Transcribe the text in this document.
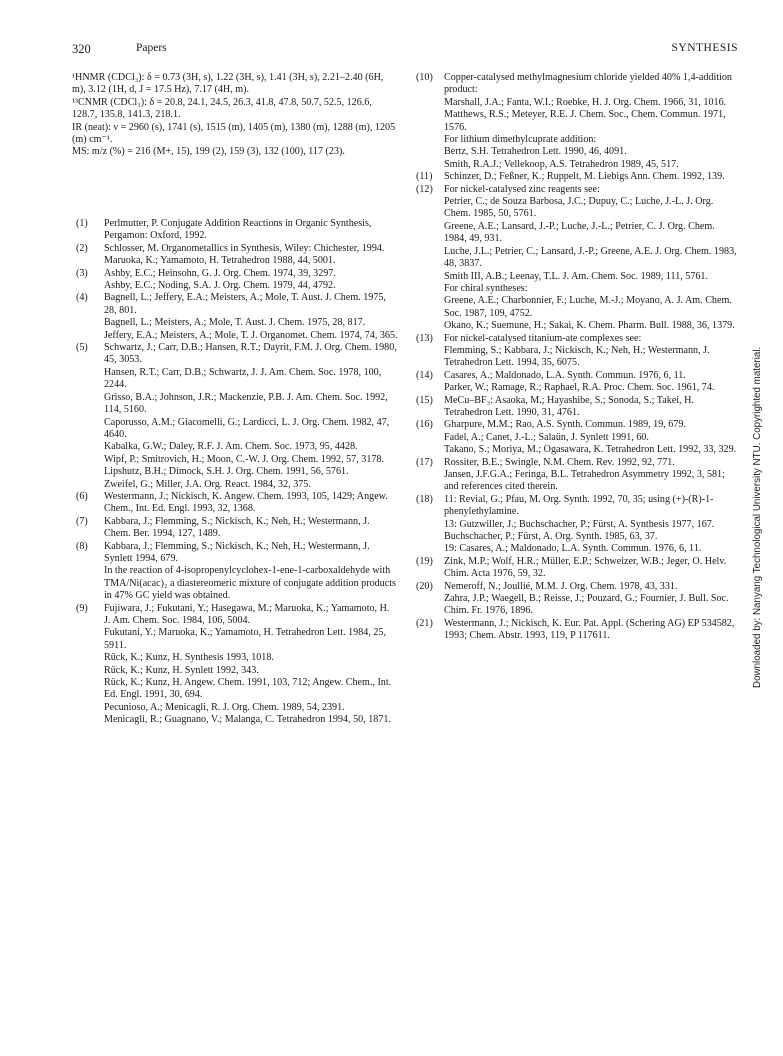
320	Papers	SYNTHESIS

¹HNMR (CDCl₃): δ = 0.73 (3H, s), 1.22 (3H, s), 1.41 (3H, s), 2.21–2.40 (6H, m), 3.12 (1H, d, J = 17.5 Hz), 7.17 (4H, m).

¹³CNMR (CDCl₃): δ = 20.8, 24.1, 24.5, 26.3, 41.8, 47.8, 50.7, 52.5, 126.6, 128.7, 135.8, 141.3, 218.1.

IR (neat): ν = 2960 (s), 1741 (s), 1515 (m), 1405 (m), 1380 (m), 1288 (m), 1205 (m) cm⁻¹.

MS: m/z (%) = 216 (M+, 15), 199 (2), 159 (3), 132 (100), 117 (23).

(1) Perlmutter, P. Conjugate Addition Reactions in Organic Synthesis, Pergamon: Oxford, 1992.
(2) Schlosser, M. Organometallics in Synthesis, Wiley: Chichester, 1994.
Maruoka, K.; Yamamoto, H. Tetrahedron 1988, 44, 5001.
(3) Ashby, E.C.; Heinsohn, G. J. Org. Chem. 1974, 39, 3297.
Ashby, E.C.; Noding, S.A. J. Org. Chem. 1979, 44, 4792.
(4) Bagnell, L.; Jeffery, E.A.; Meisters, A.; Mole, T. Aust. J. Chem. 1975, 28, 801.
Bagnell, L.; Meisters, A.; Mole, T. Aust. J. Chem. 1975, 28, 817.
Jeffery, E.A.; Meisters, A.; Mole, T. J. Organomet. Chem. 1974, 74, 365.
(5) Schwartz, J.; Carr, D.B.; Hansen, R.T.; Dayrit, F.M. J. Org. Chem. 1980, 45, 3053.
Hansen, R.T.; Carr, D.B.; Schwartz, J. J. Am. Chem. Soc. 1978, 100, 2244.
Grisso, B.A.; Johnson, J.R.; Mackenzie, P.B. J. Am. Chem. Soc. 1992, 114, 5160.
Caporusso, A.M.; Giacomelli, G.; Lardicci, L. J. Org. Chem. 1982, 47, 4640.
Kabalka, G.W.; Daley, R.F. J. Am. Chem. Soc. 1973, 95, 4428.
Wipf, P.; Smitrovich, H.; Moon, C.-W. J. Org. Chem. 1992, 57, 3178.
Lipshutz, B.H.; Dimock, S.H. J. Org. Chem. 1991, 56, 5761.
Zweifel, G.; Miller, J.A. Org. React. 1984, 32, 375.
(6) Westermann, J.; Nickisch, K. Angew. Chem. 1993, 105, 1429; Angew. Chem., Int. Ed. Engl. 1993, 32, 1368.
(7) Kabbara, J.; Flemming, S.; Nickisch, K.; Neh, H.; Westermann, J. Chem. Ber. 1994, 127, 1489.
(8) Kabbara, J.; Flemming, S.; Nickisch, K.; Neh, H.; Westermann, J. Synlett 1994, 679.
In the reaction of 4-isopropenylcyclohex-1-ene-1-carboxaldehyde with TMA/Ni(acac)₂ a diastereomeric mixture of conjugate addition products in 47% GC yield was obtained.
(9) Fujiwara, J.; Fukutani, Y.; Hasegawa, M.; Maruoka, K.; Yamamoto, H. J. Am. Chem. Soc. 1984, 106, 5004.
Fukutani, Y.; Maruoka, K.; Yamamoto, H. Tetrahedron Lett. 1984, 25, 5911.
Rück, K.; Kunz, H. Synthesis 1993, 1018.
Rück, K.; Kunz, H. Synlett 1992, 343.
Rück, K.; Kunz, H. Angew. Chem. 1991, 103, 712; Angew. Chem., Int. Ed. Engl. 1991, 30, 694.
Pecunioso, A.; Menicagli, R. J. Org. Chem. 1989, 54, 2391.
Menicagli, R.; Guagnano, V.; Malanga, C. Tetrahedron 1994, 50, 1871.
(10) Copper-catalysed methylmagnesium chloride yielded 40% 1,4-addition product:
Marshall, J.A.; Fanta, W.I.; Roebke, H. J. Org. Chem. 1966, 31, 1016.
Matthews, R.S.; Meteyer, R.E. J. Chem. Soc., Chem. Commun. 1971, 1576.
For lithium dimethylcuprate addition:
Bertz, S.H. Tetrahedron Lett. 1990, 46, 4091.
Smith, R.A.J.; Vellekoop, A.S. Tetrahedron 1989, 45, 517.
(11) Schinzer, D.; Feßner, K.; Ruppelt, M. Liebigs Ann. Chem. 1992, 139.
(12) For nickel-catalysed zinc reagents see:
Petrier, C.; de Souza Barbosa, J.C.; Dupuy, C.; Luche, J.-L. J. Org. Chem. 1985, 50, 5761.
Greene, A.E.; Lansard, J.-P.; Luche, J.-L.; Petrier, C. J. Org. Chem. 1984, 49, 931.
Luche, J.L.; Petrier, C.; Lansard, J.-P.; Greene, A.E. J. Org. Chem. 1983, 48, 3837.
Smith III, A.B.; Leenay, T.L. J. Am. Chem. Soc. 1989, 111, 5761.
For chiral syntheses:
Greene, A.E.; Charbonnier, F.; Luche, M.-J.; Moyano, A. J. Am. Chem. Soc. 1987, 109, 4752.
Okano, K.; Suemune, H.; Sakai, K. Chem. Pharm. Bull. 1988, 36, 1379.
(13) For nickel-catalysed titanium-ate complexes see:
Flemming, S.; Kabbara, J.; Nickisch, K.; Neh, H.; Westermann, J. Tetrahedron Lett. 1994, 35, 6075.
(14) Casares, A.; Maldonado, L.A. Synth. Commun. 1976, 6, 11.
Parker, W.; Ramage, R.; Raphael, R.A. Proc. Chem. Soc. 1961, 74.
(15) MeCu–BF₃: Asaoka, M.; Hayashibe, S.; Sonoda, S.; Takei, H. Tetrahedron Lett. 1990, 31, 4761.
(16) Gharpure, M.M.; Rao, A.S. Synth. Commun. 1989, 19, 679.
Fadel, A.; Canet, J.-L.; Salaün, J. Synlett 1991, 60.
Takano, S.; Moriya, M.; Ogasawara, K. Tetrahedron Lett. 1992, 33, 329.
(17) Rossiter, B.E.; Swingle, N.M. Chem. Rev. 1992, 92, 771.
Jansen, J.F.G.A.; Feringa, B.L. Tetrahedron Asymmetry 1992, 3, 581; and references cited therein.
(18) 11: Revial, G.; Pfau, M. Org. Synth. 1992, 70, 35; using (+)-(R)-1-phenylethylamine.
13: Gutzwiller, J.; Buchschacher, P.; Fürst, A. Synthesis 1977, 167.
Buchschacher, P.; Fürst, A. Org. Synth. 1985, 63, 37.
19: Casares, A.; Maldonado, L.A. Synth. Commun. 1976, 6, 11.
(19) Zink, M.P.; Wolf, H.R.; Müller, E.P.; Schweizer, W.B.; Jeger, O. Helv. Chim. Acta 1976, 59, 32.
(20) Nemeroff, N.; Joullié, M.M. J. Org. Chem. 1978, 43, 331.
Zahra, J.P.; Waegell, B.; Reisse, J.; Pouzard, G.; Fournier, J. Bull. Soc. Chim. Fr. 1976, 1896.
(21) Westermann, J.; Nickisch, K. Eur. Pat. Appl. (Schering AG) EP 534582, 1993; Chem. Abstr. 1993, 119, P 117611.	Downloaded by: Nanyang Technological University NTU. Copyrighted material.
